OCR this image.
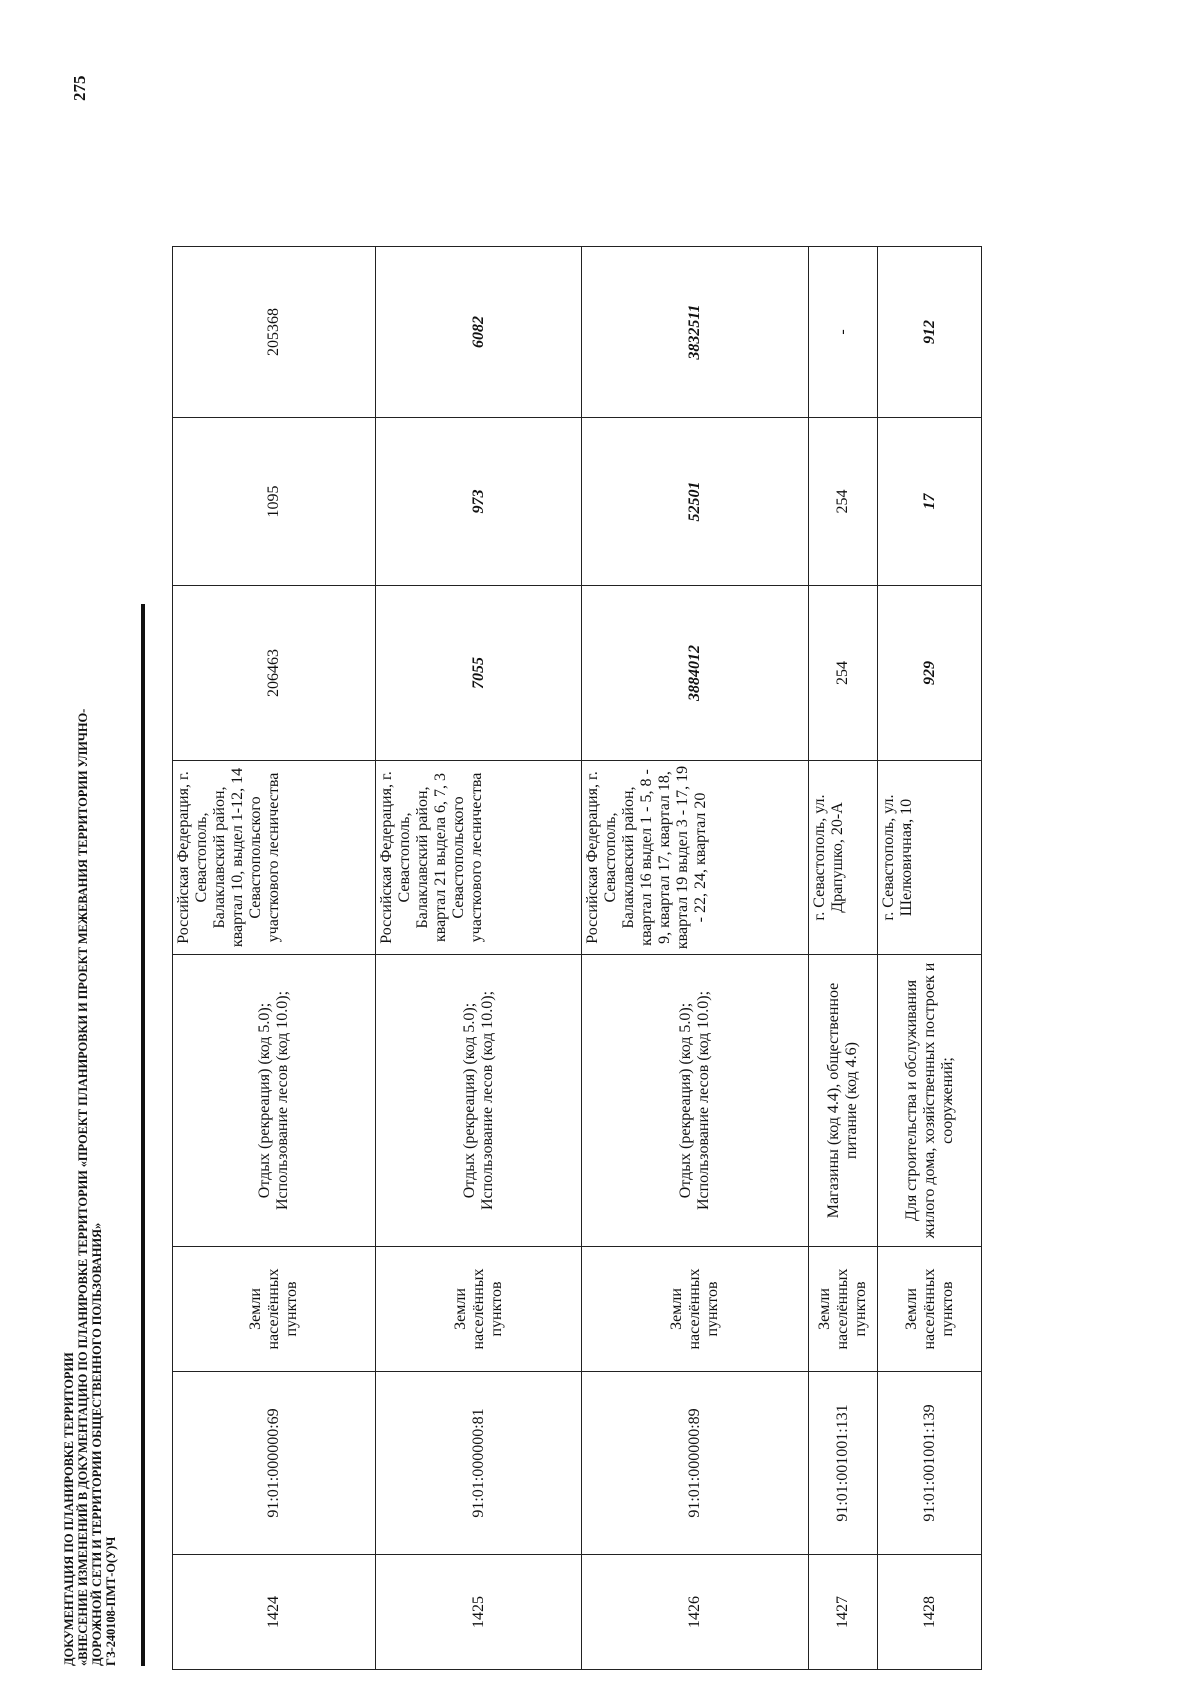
ДОКУМЕНТАЦИЯ ПО ПЛАНИРОВКЕ ТЕРРИТОРИИ «ВНЕСЕНИЕ ИЗМЕНЕНИЙ В ДОКУМЕНТАЦИЮ ПО ПЛАНИРОВКЕ ТЕРРИТОРИИ «ПРОЕКТ ПЛАНИРОВКИ И ПРОЕКТ МЕЖЕВАНИЯ ТЕРРИТОРИИ УЛИЧНО- ДОРОЖНОЙ СЕТИ И ТЕРРИТОРИИ ОБЩЕСТВЕННОГО ПОЛЬЗОВАНИЯ» ГЗ-240108-ПМТ-О(У)Ч
275
1424	91:01:000000:69	Земли населённых пунктов	Отдых (рекреация) (код 5.0); Использование лесов (код 10.0);	Российская Федерация, г. Севастополь, Балаклавский район, квартал 10, выдел 1-12, 14 Севастопольского участкового лесничества	206463	1095	205368
1425	91:01:000000:81	Земли населённых пунктов	Отдых (рекреация) (код 5.0); Использование лесов (код 10.0);	Российская Федерация, г. Севастополь, Балаклавский район, квартал 21 выдела 6, 7, 3 Севастопольского участкового лесничества	7055	973	6082
1426	91:01:000000:89	Земли населённых пунктов	Отдых (рекреация) (код 5.0); Использование лесов (код 10.0);	Российская Федерация, г. Севастополь, Балаклавский район, квартал 16 выдел 1 - 5, 8 - 9, квартал 17, квартал 18, квартал 19 выдел 3 - 17, 19 - 22, 24, квартал 20	3884012	52501	3832511
1427	91:01:001001:131	Земли населённых пунктов	Магазины (код 4.4), общественное питание (код 4.6)	г. Севастополь, ул. Драпушко, 20-А	254	254	-
1428	91:01:001001:139	Земли населённых пунктов	Для строительства и обслуживания жилого дома, хозяйственных построек и сооружений;	г. Севастополь, ул. Шелковичная, 10	929	17	912
